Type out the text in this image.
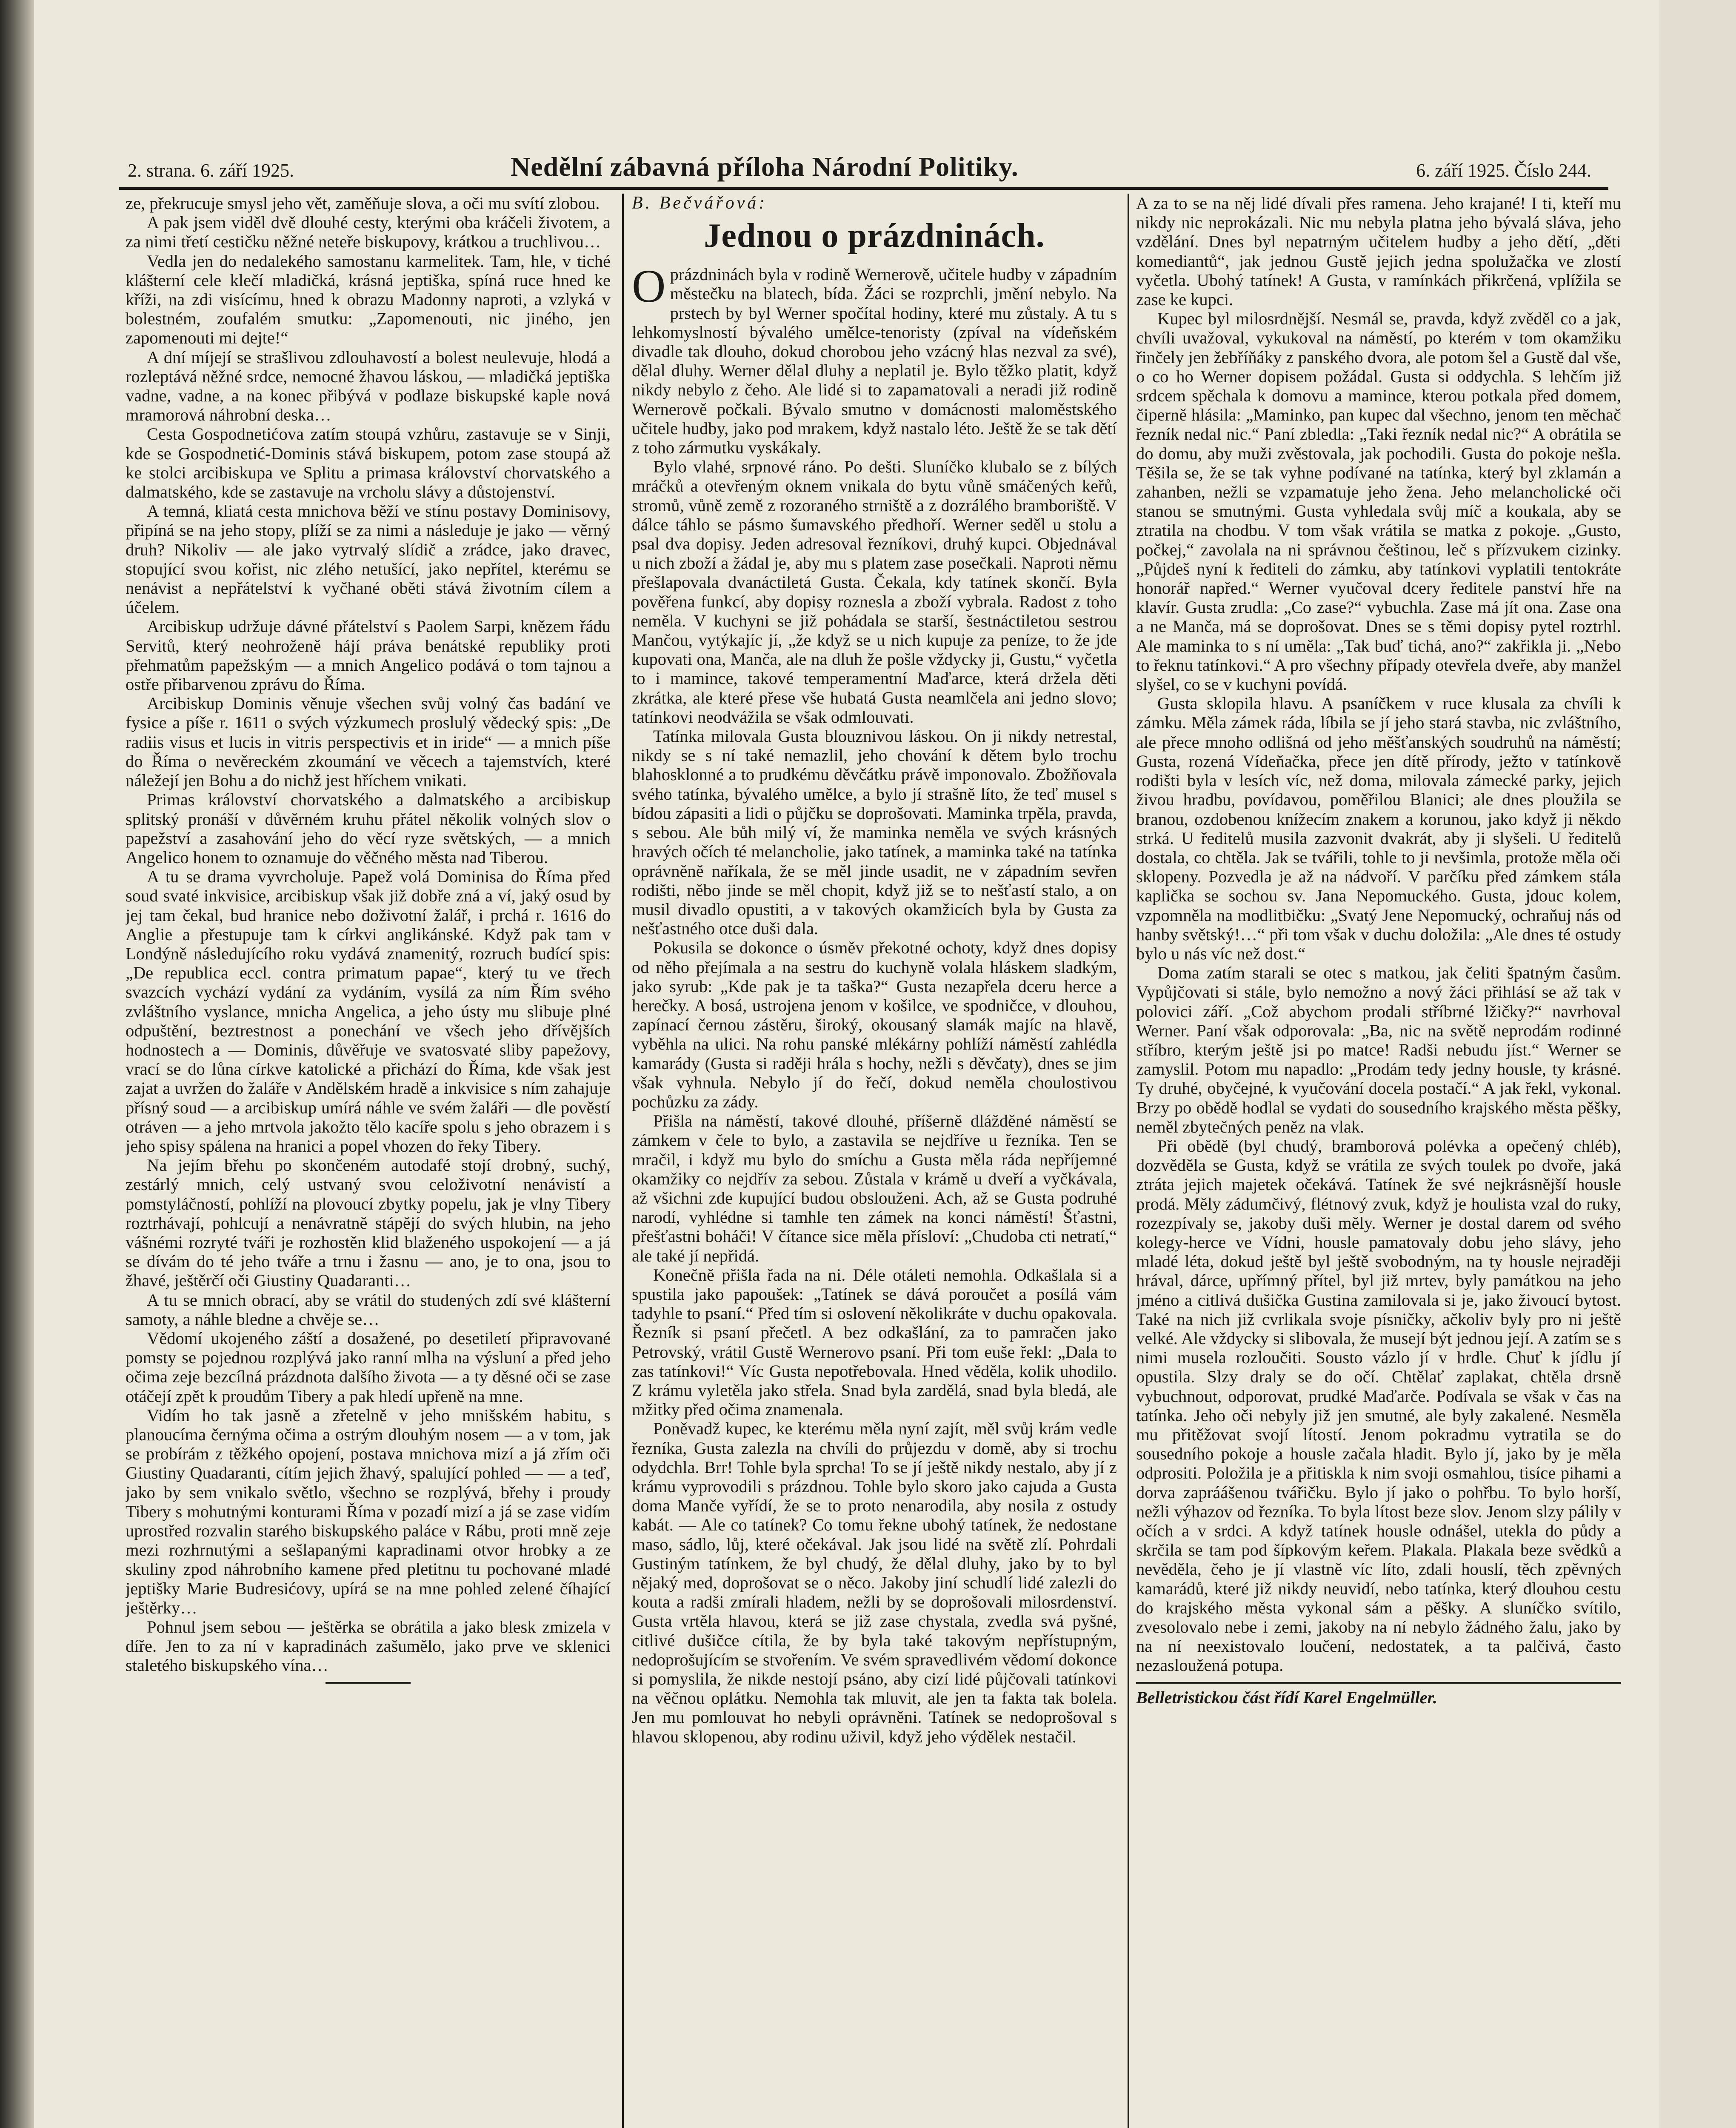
2. strana. 6. září 1925.	Nedělní zábavná příloha Národní Politiky.	6. září 1925. Číslo 244.

ze, překrucuje smysl jeho vět, zaměňuje slova, a oči mu svítí zlobou.

A pak jsem viděl dvě dlouhé cesty, kterými oba kráčeli životem, a za nimi třetí cestičku něžné neteře biskupovy, krátkou a truchlivou…

Vedla jen do nedalekého samostanu karmelitek. Tam, hle, v tiché klášterní cele klečí mladičká, krásná jeptiška, spíná ruce hned ke kříži, na zdi visícímu, hned k obrazu Madonny naproti, a vzlyká v bolestném, zoufalém smutku: „Zapomenouti, nic jiného, jen zapomenouti mi dejte!“

A dní míjejí se strašlivou zdlouhavostí a bolest neulevuje, hlodá a rozleptává něžné srdce, nemocné žhavou láskou, — mladičká jeptiška vadne, vadne, a na konec přibývá v podlaze biskupské kaple nová mramorová náhrobní deska…

Cesta Gospodnetićova zatím stoupá vzhůru, zastavuje se v Sinji, kde se Gospodnetić-Dominis stává biskupem, potom zase stoupá až ke stolci arcibiskupa ve Splitu a primasa království chorvatského a dalmatského, kde se zastavuje na vrcholu slávy a důstojenství.

A temná, kliatá cesta mnichova běží ve stínu postavy Dominisovy, připíná se na jeho stopy, plíží se za nimi a následuje je jako — věrný druh? Nikoliv — ale jako vytrvalý slídič a zrádce, jako dravec, stopující svou kořist, nic zlého netušící, jako nepřítel, kterému se nenávist a nepřátelství k vyčhané oběti stává životním cílem a účelem.

Arcibiskup udržuje dávné přátelství s Paolem Sarpi, knězem řádu Servitů, který neohroženě hájí práva benátské republiky proti přehmatům papežským — a mnich Angelico podává o tom tajnou a ostře přibarvenou zprávu do Říma.

Arcibiskup Dominis věnuje všechen svůj volný čas badání ve fysice a píše r. 1611 o svých výzkumech proslulý vědecký spis: „De radiis visus et lucis in vitris perspectivis et in iride“ — a mnich píše do Říma o nevěreckém zkoumání ve věcech a tajemstvích, které náležejí jen Bohu a do nichž jest hříchem vnikati.

Primas království chorvatského a dalmatského a arcibiskup splitský pronáší v důvěrném kruhu přátel několik volných slov o papežství a zasahování jeho do věcí ryze světských, — a mnich Angelico honem to oznamuje do věčného města nad Tiberou.

A tu se drama vyvrcholuje. Papež volá Dominisa do Říma před soud svaté inkvisice, arcibiskup však již dobře zná a ví, jaký osud by jej tam čekal, bud hranice nebo doživotní žalář, i prchá r. 1616 do Anglie a přestupuje tam k církvi anglikánské. Když pak tam v Londýně následujícího roku vydává znamenitý, rozruch budící spis: „De republica eccl. contra primatum papae“, který tu ve třech svazcích vychází vydání za vydáním, vysílá za ním Řím svého zvláštního vyslance, mnicha Angelica, a jeho ústy mu slibuje plné odpuštění, beztrestnost a ponechání ve všech jeho dřívějších hodnostech a — Dominis, důvěřuje ve svatosvaté sliby papežovy, vrací se do lůna církve katolické a přichází do Říma, kde však jest zajat a uvržen do žaláře v Andělském hradě a inkvisice s ním zahajuje přísný soud — a arcibiskup umírá náhle ve svém žaláři — dle pověstí otráven — a jeho mrtvola jakožto tělo kacíře spolu s jeho obrazem i s jeho spisy spálena na hranici a popel vhozen do řeky Tibery.

Na jejím břehu po skončeném autodafé stojí drobný, suchý, zestárlý mnich, celý ustvaný svou celoživotní nenávistí a pomstyláčností, pohlíží na plovoucí zbytky popelu, jak je vlny Tibery roztrhávají, pohlcují a nenávratně stápějí do svých hlubin, na jeho vášnémi rozryté tváři je rozhostěn klid blaženého uspokojení — a já se dívám do té jeho tváře a trnu i žasnu — ano, je to ona, jsou to žhavé, ještěrčí oči Giustiny Quadaranti…

A tu se mnich obrací, aby se vrátil do studených zdí své klášterní samoty, a náhle bledne a chvěje se…

Vědomí ukojeného záští a dosažené, po desetiletí připravované pomsty se pojednou rozplývá jako ranní mlha na výsluní a před jeho očima zeje bezcílná prázdnota dalšího života — a ty děsné oči se zase otáčejí zpět k proudům Tibery a pak hledí upřeně na mne.

Vidím ho tak jasně a zřetelně v jeho mnišském habitu, s planoucíma černýma očima a ostrým dlouhým nosem — a v tom, jak se probírám z těžkého opojení, postava mnichova mizí a já zřím oči Giustiny Quadaranti, cítím jejich žhavý, spalující pohled — — a teď, jako by sem vnikalo světlo, všechno se rozplývá, břehy i proudy Tibery s mohutnými konturami Říma v pozadí mizí a já se zase vidím uprostřed rozvalin starého biskupského paláce v Rábu, proti mně zeje mezi rozhrnutými a sešlapanými kapradinami otvor hrobky a ze skuliny zpod náhrobního kamene před pletitnu tu pochované mladé jeptišky Marie Budresićovy, upírá se na mne pohled zelené číhající ještěrky…

Pohnul jsem sebou — ještěrka se obrátila a jako blesk zmizela v díře. Jen to za ní v kapradinách zašumělo, jako prve ve sklenici staletého biskupského vína…

B. Bečvářová:
Jednou o prázdninách.

O prázdninách byla v rodině Wernerově, učitele hudby v západním městečku na blatech, bída. Žáci se rozprchli, jmění nebylo. Na prstech by byl Werner spočítal hodiny, které mu zůstaly. A tu s lehkomyslností bývalého umělce-tenoristy (zpíval na vídeňském divadle tak dlouho, dokud chorobou jeho vzácný hlas nezval za své), dělal dluhy. Werner dělal dluhy a neplatil je. Bylo těžko platit, když nikdy nebylo z čeho. Ale lidé si to zapamatovali a neradi již rodině Wernerově počkali. Bývalo smutno v domácnosti maloměstského učitele hudby, jako pod mrakem, když nastalo léto. Ještě že se tak dětí z toho zármutku vyskákaly.

Bylo vlahé, srpnové ráno. Po dešti. Sluníčko klubalo se z bílých mráčků a otevřeným oknem vnikala do bytu vůně smáčených keřů, stromů, vůně země z rozoraného strniště a z dozrálého bramboriště. V dálce táhlo se pásmo šumavského předhoří. Werner seděl u stolu a psal dva dopisy. Jeden adresoval řezníkovi, druhý kupci. Objednával u nich zboží a žádal je, aby mu s platem zase posečkali. Naproti němu přešlapovala dvanáctiletá Gusta. Čekala, kdy tatínek skončí. Byla pověřena funkcí, aby dopisy roznesla a zboží vybrala. Radost z toho neměla. V kuchyni se již pohádala se starší, šestnáctiletou sestrou Mančou, vytýkajíc jí, „že když se u nich kupuje za peníze, to že jde kupovati ona, Manča, ale na dluh že pošle vždycky ji, Gustu,“ vyčetla to i mamince, takové temperamentní Maďarce, která držela děti zkrátka, ale které přese vše hubatá Gusta neamlčela ani jedno slovo; tatínkovi neodvážila se však odmlouvati.

Tatínka milovala Gusta blouznivou láskou. On ji nikdy netrestal, nikdy se s ní také nemazlil, jeho chování k dětem bylo trochu blahosklonné a to prudkému děvčátku právě imponovalo. Zbožňovala svého tatínka, bývalého umělce, a bylo jí strašně líto, že teď musel s bídou zápasiti a lidi o půjčku se doprošovati. Maminka trpěla, pravda, s sebou. Ale bůh milý ví, že maminka neměla ve svých krásných hravých očích té melancholie, jako tatínek, a maminka také na tatínka oprávněně naříkala, že se měl jinde usadit, ne v západním sevřen rodišti, něbo jinde se měl chopit, když již se to nešťastí stalo, a on musil divadlo opustiti, a v takových okamžicích byla by Gusta za nešťastného otce duši dala.

Pokusila se dokonce o úsměv překotné ochoty, když dnes dopisy od něho přejímala a na sestru do kuchyně volala hláskem sladkým, jako syrub: „Kde pak je ta taška?“ Gusta nezapřela dceru herce a herečky. A bosá, ustrojena jenom v košilce, ve spodničce, v dlouhou, zapínací černou zástěru, široký, okousaný slamák majíc na hlavě, vyběhla na ulici. Na rohu panské mlékárny pohlíží náměstí zahlédla kamarády (Gusta si raději hrála s hochy, nežli s děvčaty), dnes se jim však vyhnula. Nebylo jí do řečí, dokud neměla choulostivou pochůzku za zády.

Přišla na náměstí, takové dlouhé, příšerně dlážděné náměstí se zámkem v čele to bylo, a zastavila se nejdříve u řezníka. Ten se mračil, i když mu bylo do smíchu a Gusta měla ráda nepříjemné okamžiky co nejdřív za sebou. Zůstala v krámě u dveří a vyčkávala, až všichni zde kupující budou obslouženi. Ach, až se Gusta podruhé narodí, vyhlédne si tamhle ten zámek na konci náměstí! Šťastni, přešťastni boháči! V čítance sice měla přísloví: „Chudoba cti netratí,“ ale také jí nepřidá.

Konečně přišla řada na ni. Déle otáleti nemohla. Odkašlala si a spustila jako papoušek: „Tatínek se dává poroučet a posílá vám tadyhle to psaní.“ Před tím si oslovení několikráte v duchu opakovala. Řezník si psaní přečetl. A bez odkašlání, za to pamračen jako Petrovský, vrátil Gustě Wernerovo psaní. Při tom euše řekl: „Dala to zas tatínkovi!“ Víc Gusta nepotřebovala. Hned věděla, kolik uhodilo. Z krámu vyletěla jako střela. Snad byla zardělá, snad byla bledá, ale mžitky před očima znamenala.

Poněvadž kupec, ke kterému měla nyní zajít, měl svůj krám vedle řezníka, Gusta zalezla na chvíli do průjezdu v domě, aby si trochu odydchla. Brr! Tohle byla sprcha! To se jí ještě nikdy nestalo, aby jí z krámu vyprovodili s prázdnou. Tohle bylo skoro jako cajuda a Gusta doma Manče vyřídí, že se to proto nenarodila, aby nosila z ostudy kabát. — Ale co tatínek? Co tomu řekne ubohý tatínek, že nedostane maso, sádlo, lůj, které očekával. Jak jsou lidé na světě zlí. Pohrdali Gustiným tatínkem, že byl chudý, že dělal dluhy, jako by to byl nějaký med, doprošovat se o něco. Jakoby jiní schudlí lidé zalezli do kouta a radši zmírali hladem, nežli by se doprošovali milosrdenství. Gusta vrtěla hlavou, která se již zase chystala, zvedla svá pyšné, citlivé dušičce cítila, že by byla také takovým nepřístupným, nedoprošujícím se stvořením. Ve svém spravedlivém vědomí dokonce si pomyslila, že nikde nestojí psáno, aby cizí lidé půjčovali tatínkovi na věčnou oplátku. Nemohla tak mluvit, ale jen ta fakta tak bolela. Jen mu pomlouvat ho nebyli oprávněni. Tatínek se nedoprošoval s hlavou sklopenou, aby rodinu uživil, když jeho výdělek nestačil.

A za to se na něj lidé dívali přes ramena. Jeho krajané! I ti, kteří mu nikdy nic neprokázali. Nic mu nebyla platna jeho bývalá sláva, jeho vzdělání. Dnes byl nepatrným učitelem hudby a jeho dětí, „děti komediantů“, jak jednou Gustě jejich jedna spolužačka ve zlostí vyčetla. Ubohý tatínek! A Gusta, v ramínkách přikrčená, vplížila se zase ke kupci.

Kupec byl milosrdnější. Nesmál se, pravda, když zvěděl co a jak, chvíli uvažoval, vykukoval na náměstí, po kterém v tom okamžiku řinčely jen žebříňáky z panského dvora, ale potom šel a Gustě dal vše, o co ho Werner dopisem požádal. Gusta si oddychla. S lehčím již srdcem spěchala k domovu a mamince, kterou potkala před domem, čiperně hlásila: „Maminko, pan kupec dal všechno, jenom ten měchač řezník nedal nic.“ Paní zbledla: „Taki řezník nedal nic?“ A obrátila se do domu, aby muži zvěstovala, jak pochodili. Gusta do pokoje nešla. Těšila se, že se tak vyhne podívané na tatínka, který byl zklamán a zahanben, nežli se vzpamatuje jeho žena. Jeho melancholické oči stanou se smutnými. Gusta vyhledala svůj míč a koukala, aby se ztratila na chodbu. V tom však vrátila se matka z pokoje. „Gusto, počkej,“ zavolala na ni správnou češtinou, leč s přízvukem cizinky. „Půjdeš nyní k řediteli do zámku, aby tatínkovi vyplatili tentokráte honorář napřed.“ Werner vyučoval dcery ředitele panství hře na klavír. Gusta zrudla: „Co zase?“ vybuchla. Zase má jít ona. Zase ona a ne Manča, má se doprošovat. Dnes se s těmi dopisy pytel roztrhl. Ale maminka to s ní uměla: „Tak buď tichá, ano?“ zakřikla ji. „Nebo to řeknu tatínkovi.“ A pro všechny případy otevřela dveře, aby manžel slyšel, co se v kuchyni povídá.

Gusta sklopila hlavu. A psaníčkem v ruce klusala za chvíli k zámku. Měla zámek ráda, líbila se jí jeho stará stavba, nic zvláštního, ale přece mnoho odlišná od jeho měšťanských soudruhů na náměstí; Gusta, rozená Vídeňačka, přece jen dítě přírody, ježto v tatínkově rodišti byla v lesích víc, než doma, milovala zámecké parky, jejich živou hradbu, povídavou, poměřilou Blanici; ale dnes ploužila se branou, ozdobenou knížecím znakem a korunou, jako když ji někdo strká. U ředitelů musila zazvonit dvakrát, aby ji slyšeli. U ředitelů dostala, co chtěla. Jak se tvářili, tohle to ji nevšimla, protože měla oči sklopeny. Pozvedla je až na nádvoří. V parčíku před zámkem stála kaplička se sochou sv. Jana Nepomuckého. Gusta, jdouc kolem, vzpomněla na modlitbičku: „Svatý Jene Nepomucký, ochraňuj nás od hanby světský!…“ při tom však v duchu doložila: „Ale dnes té ostudy bylo u nás víc než dost.“

Doma zatím starali se otec s matkou, jak čeliti špatným časům. Vypůjčovati si stále, bylo nemožno a nový žáci přihlásí se až tak v polovici září. „Což abychom prodali stříbrné lžičky?“ navrhoval Werner. Paní však odporovala: „Ba, nic na světě neprodám rodinné stříbro, kterým ještě jsi po matce! Radši nebudu jíst.“ Werner se zamyslil. Potom mu napadlo: „Prodám tedy jedny housle, ty krásné. Ty druhé, obyčejné, k vyučování docela postačí.“ A jak řekl, vykonal. Brzy po obědě hodlal se vydati do sousedního krajského města pěšky, neměl zbytečných peněz na vlak.

Při obědě (byl chudý, bramborová polévka a opečený chléb), dozvěděla se Gusta, když se vrátila ze svých toulek po dvoře, jaká ztráta jejich majetek očekává. Tatínek že své nejkrásnější housle prodá. Měly zádumčivý, flétnový zvuk, když je houlista vzal do ruky, rozezpívaly se, jakoby duši měly. Werner je dostal darem od svého kolegy-herce ve Vídni, housle pamatovaly dobu jeho slávy, jeho mladé léta, dokud ještě byl ještě svobodným, na ty housle nejraději hrával, dárce, upřímný přítel, byl již mrtev, byly památkou na jeho jméno a citlivá dušička Gustina zamilovala si je, jako živoucí bytost. Také na nich již cvrlikala svoje písničky, ačkoliv byly pro ni ještě velké. Ale vždycky si slibovala, že musejí být jednou její. A zatím se s nimi musela rozloučiti. Sousto vázlo jí v hrdle. Chuť k jídlu jí opustila. Slzy draly se do očí. Chtělať zaplakat, chtěla drsně vybuchnout, odporovat, prudké Maďarče. Podívala se však v čas na tatínka. Jeho oči nebyly již jen smutné, ale byly zakalené. Nesměla mu přitěžovat svojí lítostí. Jenom pokradmu vytratila se do sousedního pokoje a housle začala hladit. Bylo jí, jako by je měla odprositi. Položila je a přitiskla k nim svoji osmahlou, tisíce pihami a dorva zapráášenou tvářičku. Bylo jí jako o pohřbu. To bylo horší, nežli výhazov od řezníka. To byla lítost beze slov. Jenom slzy pálily v očích a v srdci. A když tatínek housle odnášel, utekla do půdy a skrčila se tam pod šípkovým keřem. Plakala. Plakala beze svědků a nevěděla, čeho je jí vlastně víc líto, zdali houslí, těch zpěvných kamarádů, které již nikdy neuvidí, nebo tatínka, který dlouhou cestu do krajského města vykonal sám a pěšky. A sluníčko svítilo, zvesolovalo nebe i zemi, jakoby na ní nebylo žádného žalu, jako by na ní neexistovalo loučení, nedostatek, a ta palčivá, často nezasloužená potupa.

Belletristickou část řídí Karel Engelmüller.
